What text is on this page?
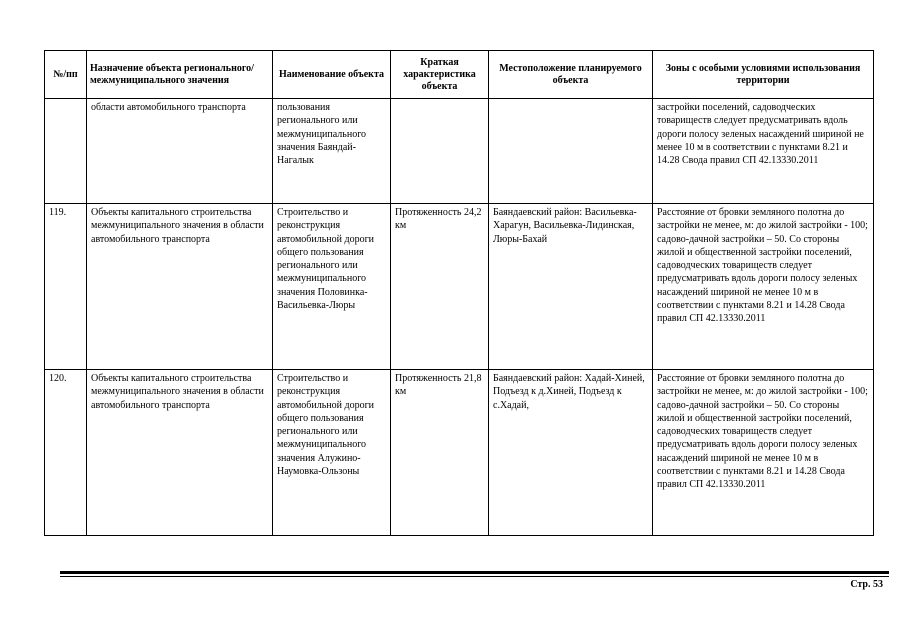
№/пп	Назначение объекта регионального/ межмуниципального значения	Наименование объекта	Краткая характеристика объекта	Местоположение планируемого объекта	Зоны с особыми условиями использования территории
	области автомобильного транспорта	пользования регионального или межмуниципального значения Баяндай-Нагалык			застройки поселений, садоводческих товариществ следует предусматривать вдоль дороги полосу зеленых насаждений шириной не менее 10 м в соответствии с пунктами 8.21 и 14.28 Свода правил СП 42.13330.2011
119.	Объекты капитального строительства межмуниципального значения в области автомобильного транспорта	Строительство и реконструкция автомобильной дороги общего пользования регионального или межмуниципального значения Половинка-Васильевка-Люры	Протяженность 24,2 км	Баяндаевский район: Васильевка-Харагун, Васильевка-Лидинская, Люры-Бахай	Расстояние от бровки земляного полотна до застройки не менее, м: до жилой застройки - 100; садово-дачной застройки – 50. Со стороны жилой и общественной застройки поселений, садоводческих товариществ следует предусматривать вдоль дороги полосу зеленых насаждений шириной не менее 10 м в соответствии с пунктами 8.21 и 14.28 Свода правил СП 42.13330.2011
120.	Объекты капитального строительства межмуниципального значения в области автомобильного транспорта	Строительство и реконструкция автомобильной дороги общего пользования регионального или межмуниципального значения Алужино-Наумовка-Ользоны	Протяженность 21,8 км	Баяндаевский район: Хадай-Хиней, Подъезд к д.Хиней, Подъезд к с.Хадай,	Расстояние от бровки земляного полотна до застройки не менее, м: до жилой застройки - 100; садово-дачной застройки – 50. Со стороны жилой и общественной застройки поселений, садоводческих товариществ следует предусматривать вдоль дороги полосу зеленых насаждений шириной не менее 10 м в соответствии с пунктами 8.21 и 14.28 Свода правил СП 42.13330.2011
Стр. 53
